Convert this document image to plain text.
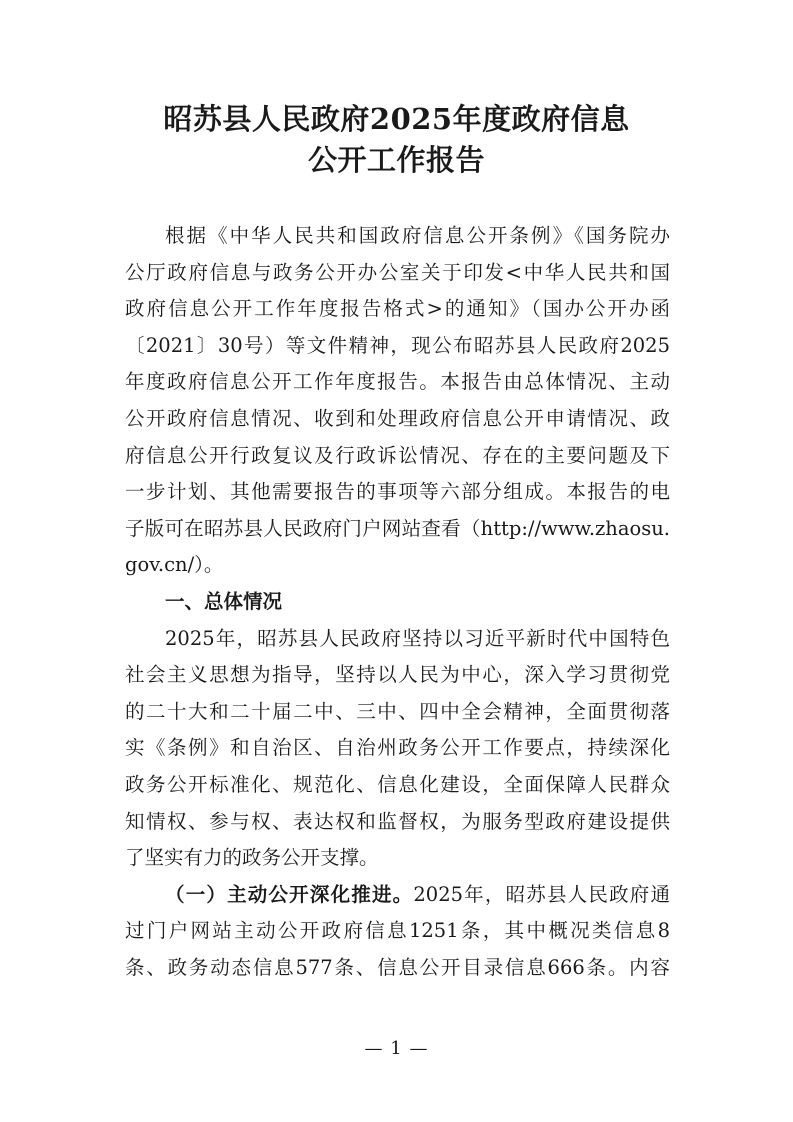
昭苏县人民政府2025年度政府信息
公开工作报告
根据《中华人民共和国政府信息公开条例》《国务院办
公厅政府信息与政务公开办公室关于印发<中华人民共和国
政府信息公开工作年度报告格式>的通知》（国办公开办函
〔2021〕30号）等文件精神，现公布昭苏县人民政府2025
年度政府信息公开工作年度报告。本报告由总体情况、主动
公开政府信息情况、收到和处理政府信息公开申请情况、政
府信息公开行政复议及行政诉讼情况、存在的主要问题及下
一步计划、其他需要报告的事项等六部分组成。本报告的电
子版可在昭苏县人民政府门户网站查看（http://www.zhaosu.
gov.cn/）。
一、总体情况
2025年，昭苏县人民政府坚持以习近平新时代中国特色
社会主义思想为指导，坚持以人民为中心，深入学习贯彻党
的二十大和二十届二中、三中、四中全会精神，全面贯彻落
实《条例》和自治区、自治州政务公开工作要点，持续深化
政务公开标准化、规范化、信息化建设，全面保障人民群众
知情权、参与权、表达权和监督权，为服务型政府建设提供
了坚实有力的政务公开支撑。
（一）主动公开深化推进。2025年，昭苏县人民政府通
过门户网站主动公开政府信息1251条，其中概况类信息8
条、政务动态信息577条、信息公开目录信息666条。内容
— 1 —
